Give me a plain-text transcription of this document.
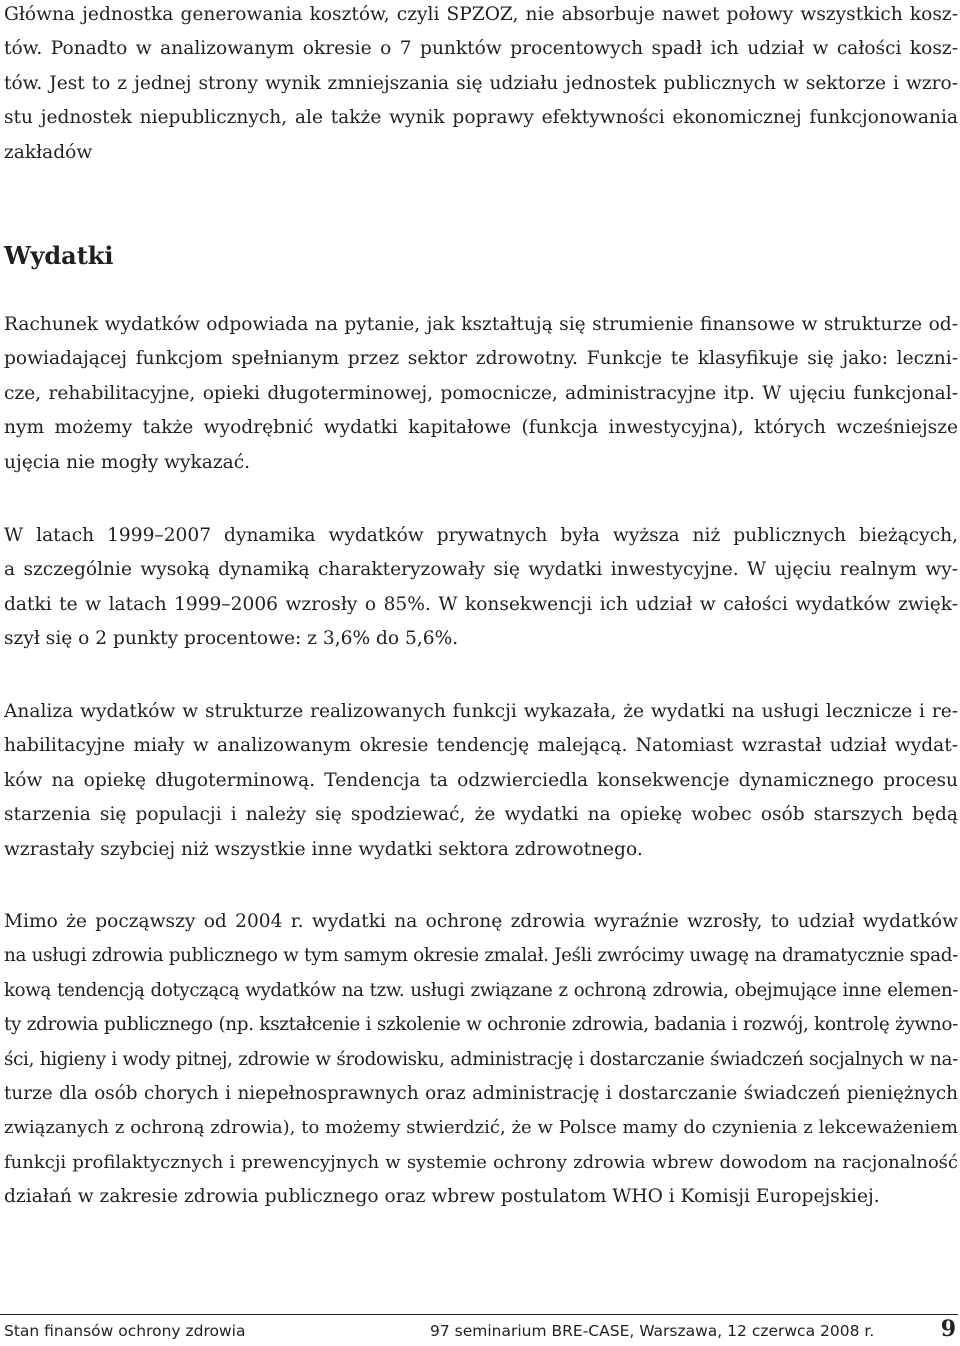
Główna jednostka generowania kosztów, czyli SPZOZ, nie absorbuje nawet połowy wszystkich kosz-
tów. Ponadto w analizowanym okresie o 7 punktów procentowych spadł ich udział w całości kosz-
tów. Jest to z jednej strony wynik zmniejszania się udziału jednostek publicznych w sektorze i wzro-
stu jednostek niepublicznych, ale także wynik poprawy efektywności ekonomicznej funkcjonowania
zakładów

Wydatki

Rachunek wydatków odpowiada na pytanie, jak kształtują się strumienie finansowe w strukturze od-
powiadającej funkcjom spełnianym przez sektor zdrowotny. Funkcje te klasyfikuje się jako: leczni-
cze, rehabilitacyjne, opieki długoterminowej, pomocnicze, administracyjne itp. W ujęciu funkcjonal-
nym możemy także wyodrębnić wydatki kapitałowe (funkcja inwestycyjna), których wcześniejsze
ujęcia nie mogły wykazać.

W latach 1999–2007 dynamika wydatków prywatnych była wyższa niż publicznych bieżących,
a szczególnie wysoką dynamiką charakteryzowały się wydatki inwestycyjne. W ujęciu realnym wy-
datki te w latach 1999–2006 wzrosły o 85%. W konsekwencji ich udział w całości wydatków zwięk-
szył się o 2 punkty procentowe: z 3,6% do 5,6%.

Analiza wydatków w strukturze realizowanych funkcji wykazała, że wydatki na usługi lecznicze i re-
habilitacyjne miały w analizowanym okresie tendencję malejącą. Natomiast wzrastał udział wydat-
ków na opiekę długoterminową. Tendencja ta odzwierciedla konsekwencje dynamicznego procesu
starzenia się populacji i należy się spodziewać, że wydatki na opiekę wobec osób starszych będą
wzrastały szybciej niż wszystkie inne wydatki sektora zdrowotnego.

Mimo że począwszy od 2004 r. wydatki na ochronę zdrowia wyraźnie wzrosły, to udział wydatków
na usługi zdrowia publicznego w tym samym okresie zmalał. Jeśli zwrócimy uwagę na dramatycznie spad-
kową tendencją dotyczącą wydatków na tzw. usługi związane z ochroną zdrowia, obejmujące inne elemen-
ty zdrowia publicznego (np. kształcenie i szkolenie w ochronie zdrowia, badania i rozwój, kontrolę żywno-
ści, higieny i wody pitnej, zdrowie w środowisku, administrację i dostarczanie świadczeń socjalnych w na-
turze dla osób chorych i niepełnosprawnych oraz administrację i dostarczanie świadczeń pieniężnych
związanych z ochroną zdrowia), to możemy stwierdzić, że w Polsce mamy do czynienia z lekceważeniem
funkcji profilaktycznych i prewencyjnych w systemie ochrony zdrowia wbrew dowodom na racjonalność
działań w zakresie zdrowia publicznego oraz wbrew postulatom WHO i Komisji Europejskiej.

Stan finansów ochrony zdrowia	97 seminarium BRE-CASE, Warszawa, 12 czerwca 2008 r.	9
